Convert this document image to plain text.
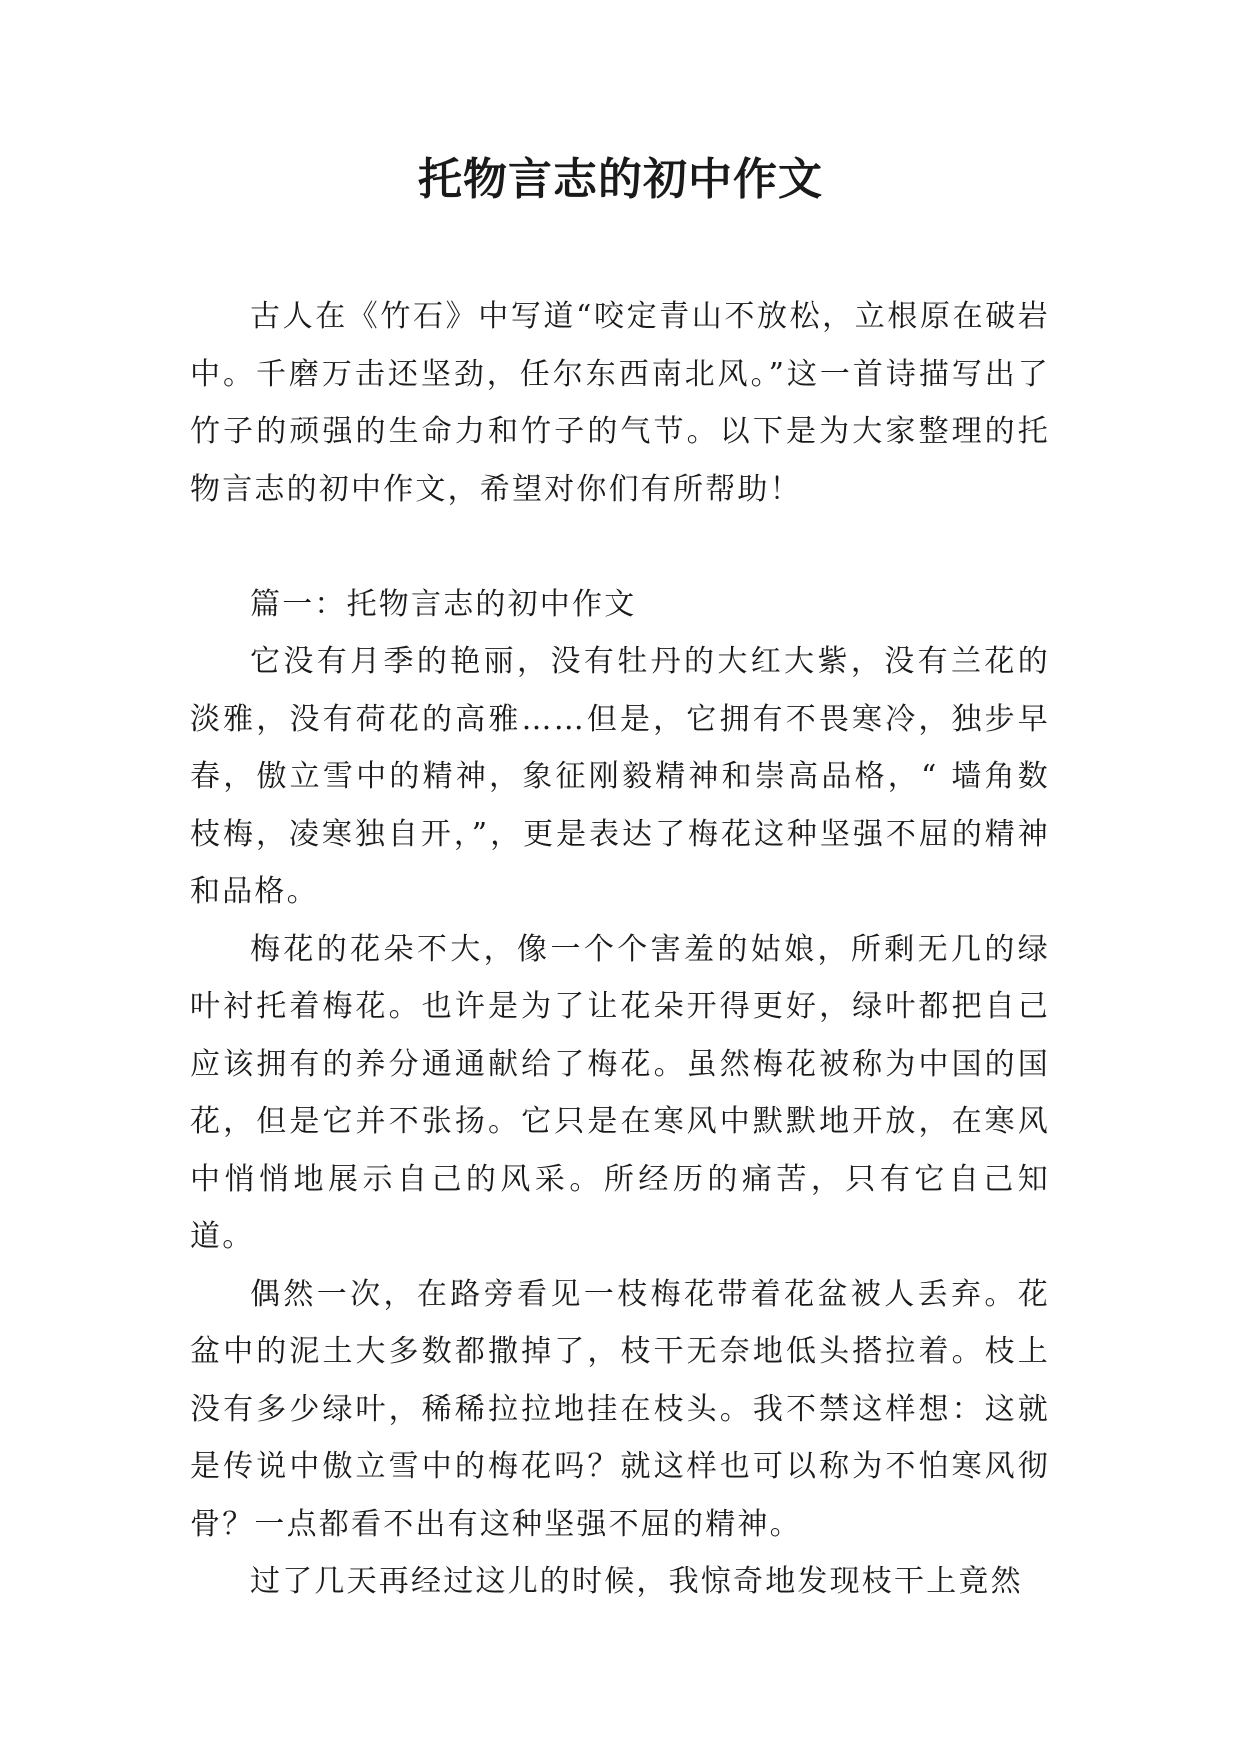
托物言志的初中作文

古人在《竹石》中写道“咬定青山不放松，立根原在破岩中。千磨万击还坚劲，任尔东西南北风。”这一首诗描写出了竹子的顽强的生命力和竹子的气节。以下是为大家整理的托物言志的初中作文，希望对你们有所帮助！

篇一：托物言志的初中作文

它没有月季的艳丽，没有牡丹的大红大紫，没有兰花的淡雅，没有荷花的高雅……但是，它拥有不畏寒冷，独步早春，傲立雪中的精神，象征刚毅精神和崇高品格，“ 墙角数枝梅，凌寒独自开，”，更是表达了梅花这种坚强不屈的精神和品格。

梅花的花朵不大，像一个个害羞的姑娘，所剩无几的绿叶衬托着梅花。也许是为了让花朵开得更好，绿叶都把自己应该拥有的养分通通献给了梅花。虽然梅花被称为中国的国花，但是它并不张扬。它只是在寒风中默默地开放，在寒风中悄悄地展示自己的风采。所经历的痛苦，只有它自己知道。

偶然一次，在路旁看见一枝梅花带着花盆被人丢弃。花盆中的泥土大多数都撒掉了，枝干无奈地低头搭拉着。枝上没有多少绿叶，稀稀拉拉地挂在枝头。我不禁这样想：这就是传说中傲立雪中的梅花吗？就这样也可以称为不怕寒风彻骨？一点都看不出有这种坚强不屈的精神。

过了几天再经过这儿的时候，我惊奇地发现枝干上竟然
